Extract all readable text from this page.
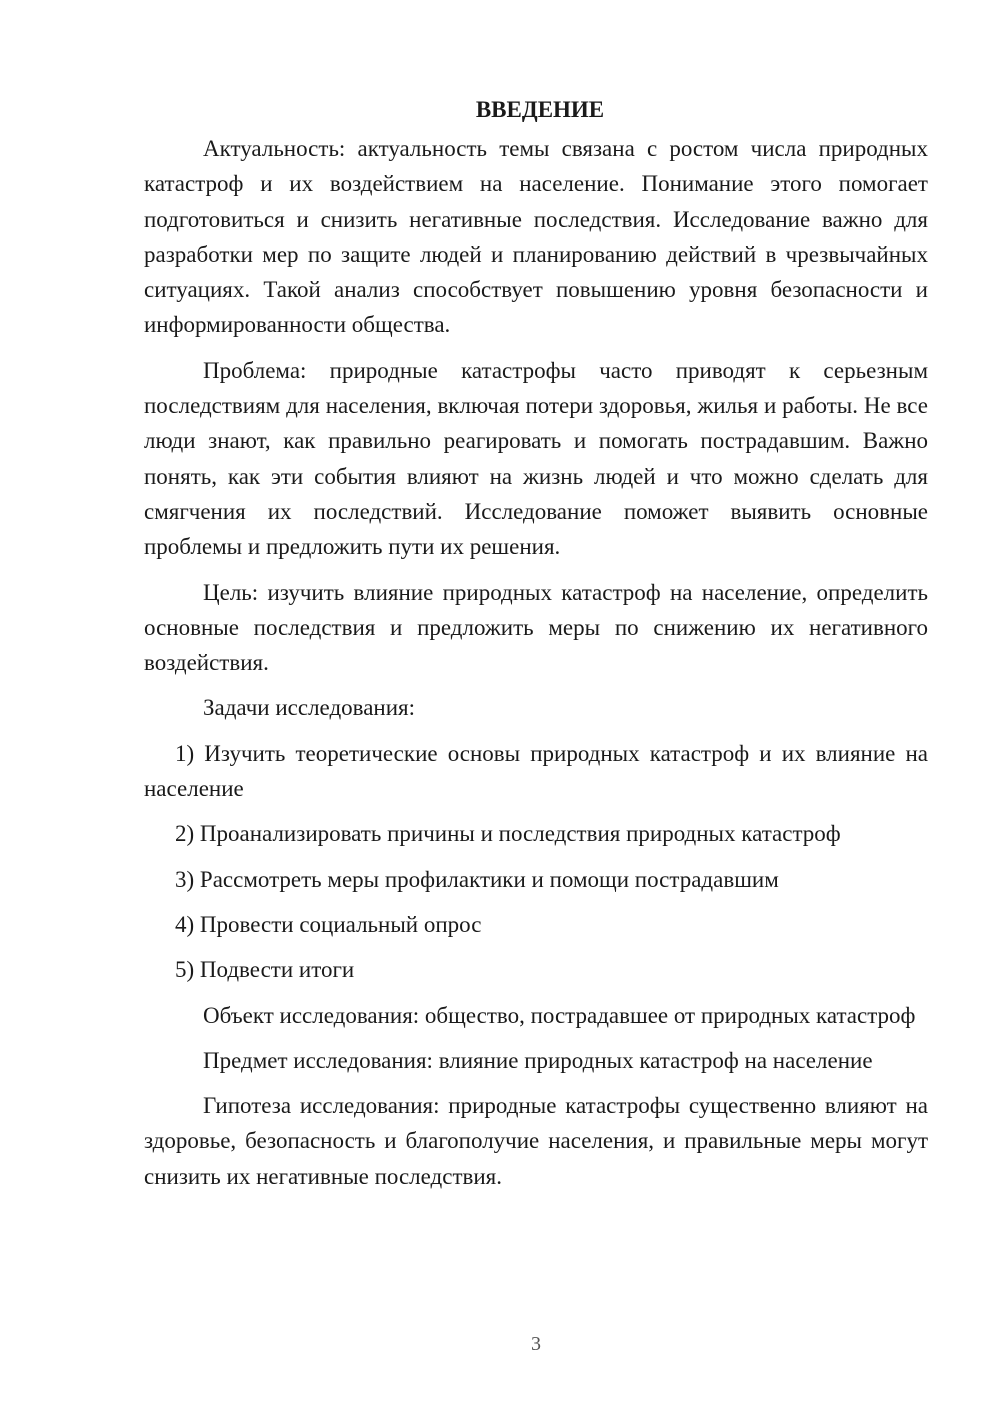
ВВЕДЕНИЕ

Актуальность: актуальность темы связана с ростом числа природных катастроф и их воздействием на население. Понимание этого помогает подготовиться и снизить негативные последствия. Исследование важно для разработки мер по защите людей и планированию действий в чрезвычайных ситуациях. Такой анализ способствует повышению уровня безопасности и информированности общества.

Проблема: природные катастрофы часто приводят к серьезным последствиям для населения, включая потери здоровья, жилья и работы. Не все люди знают, как правильно реагировать и помогать пострадавшим. Важно понять, как эти события влияют на жизнь людей и что можно сделать для смягчения их последствий. Исследование поможет выявить основные проблемы и предложить пути их решения.

Цель: изучить влияние природных катастроф на население, определить основные последствия и предложить меры по снижению их негативного воздействия.

Задачи исследования:

1) Изучить теоретические основы природных катастроф и их влияние на население

2) Проанализировать причины и последствия природных катастроф

3) Рассмотреть меры профилактики и помощи пострадавшим

4) Провести социальный опрос

5) Подвести итоги

Объект исследования: общество, пострадавшее от природных катастроф

Предмет исследования: влияние природных катастроф на население

Гипотеза исследования: природные катастрофы существенно влияют на здоровье, безопасность и благополучие населения, и правильные меры могут снизить их негативные последствия.

3
